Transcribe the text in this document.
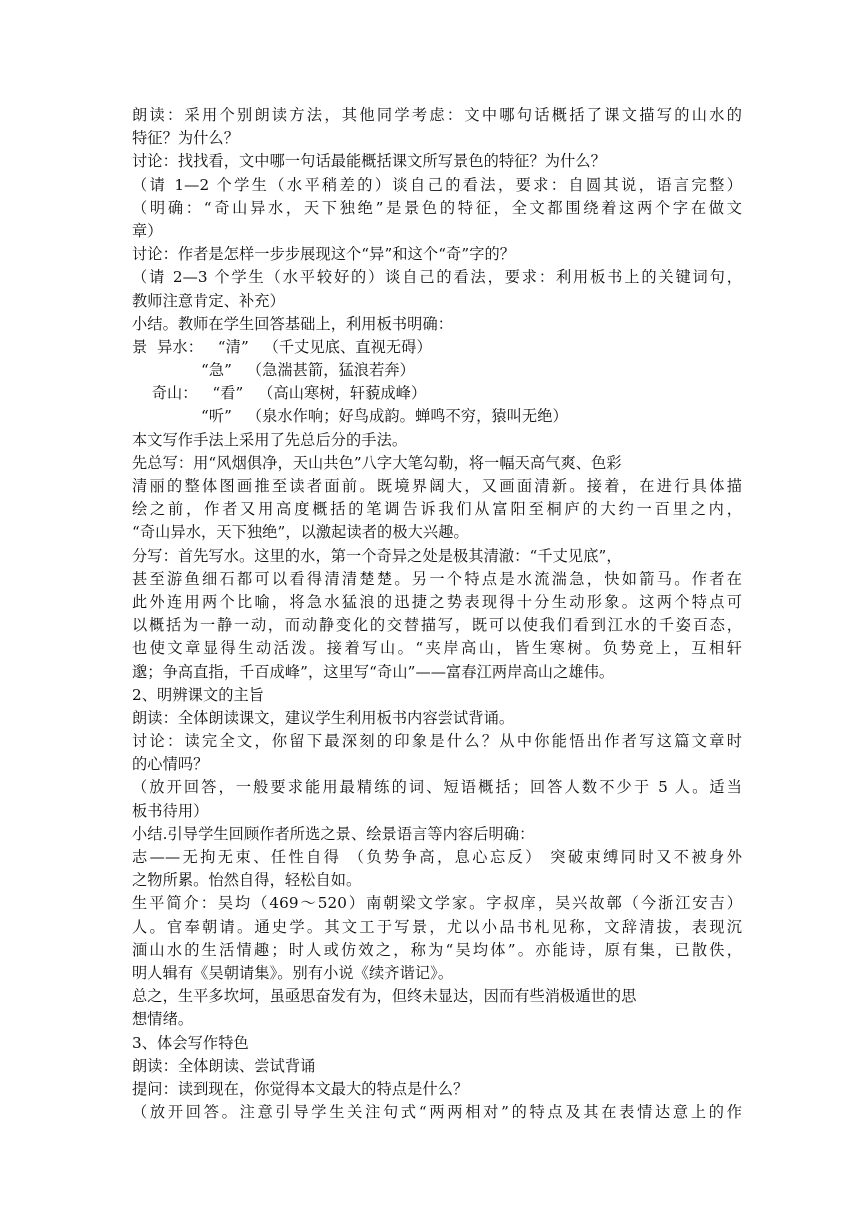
朗读：采用个别朗读方法，其他同学考虑：文中哪句话概括了课文描写的山水的
特征？为什么？
讨论：找找看，文中哪一句话最能概括课文所写景色的特征？为什么？
（请 1—2 个学生（水平稍差的）谈自己的看法，要求：自圆其说，语言完整）
（明确：“奇山异水，天下独绝”是景色的特征，全文都围绕着这两个字在做文
章）
讨论：作者是怎样一步步展现这个“异”和这个“奇”字的？
（请 2—3 个学生（水平较好的）谈自己的看法，要求：利用板书上的关键词句，
教师注意肯定、补充）
小结。教师在学生回答基础上，利用板书明确：
景  异水：   “清”   （千丈见底、直视无碍）
“急”   （急湍甚箭，猛浪若奔）
奇山：   “看”   （高山寒树，轩藐成峰）
“听”   （泉水作响；好鸟成韵。蝉鸣不穷，猿叫无绝）
本文写作手法上采用了先总后分的手法。
先总写：用“风烟俱净，天山共色”八字大笔勾勒，将一幅天高气爽、色彩
清丽的整体图画推至读者面前。既境界阔大，又画面清新。接着，在进行具体描
绘之前，作者又用高度概括的笔调告诉我们从富阳至桐庐的大约一百里之内，
“奇山异水，天下独绝”，以激起读者的极大兴趣。
分写：首先写水。这里的水，第一个奇异之处是极其清澈：“千丈见底”，
甚至游鱼细石都可以看得清清楚楚。另一个特点是水流湍急，快如箭马。作者在
此外连用两个比喻，将急水猛浪的迅捷之势表现得十分生动形象。这两个特点可
以概括为一静一动，而动静变化的交替描写，既可以使我们看到江水的千姿百态，
也使文章显得生动活泼。接着写山。“夹岸高山，皆生寒树。负势竞上，互相轩
邈；争高直指，千百成峰”，这里写“奇山”——富春江两岸高山之雄伟。
2、明辨课文的主旨
朗读：全体朗读课文，建议学生利用板书内容尝试背诵。
讨论：读完全文，你留下最深刻的印象是什么？从中你能悟出作者写这篇文章时
的心情吗？
（放开回答，一般要求能用最精练的词、短语概括；回答人数不少于 5 人。适当
板书待用）
小结.引导学生回顾作者所选之景、绘景语言等内容后明确：
志——无拘无束、任性自得 （负势争高，息心忘反） 突破束缚同时又不被身外
之物所累。怡然自得，轻松自如。
生平简介：吴均（469～520）南朝梁文学家。字叔庠，吴兴故鄣（今浙江安吉）
人。官奉朝请。通史学。其文工于写景，尤以小品书札见称，文辞清拔，表现沉
湎山水的生活情趣；时人或仿效之，称为“吴均体”。亦能诗，原有集，已散佚，
明人辑有《吴朝请集》。别有小说《续齐谐记》。
总之，生平多坎坷，虽亟思奋发有为，但终未显达，因而有些消极遁世的思
想情绪。
3、体会写作特色
朗读：全体朗读、尝试背诵
提问：读到现在，你觉得本文最大的特点是什么？
（放开回答。注意引导学生关注句式“两两相对”的特点及其在表情达意上的作
